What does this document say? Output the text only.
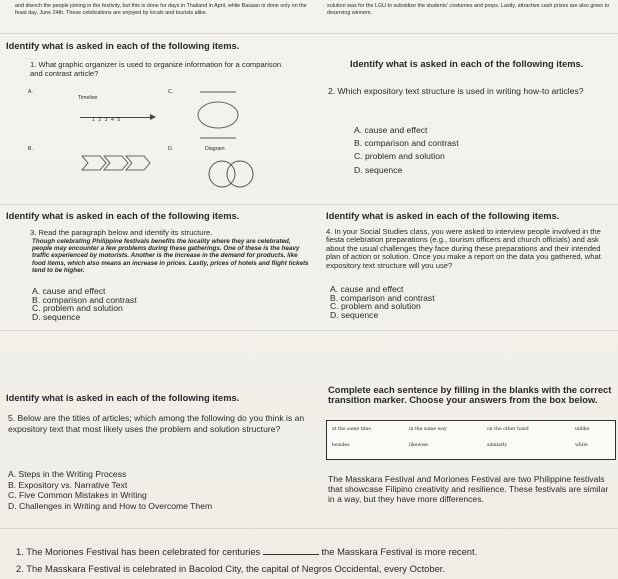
and drench the people joining in the festivity, but this is done for days in Thailand in April, while Basaan is done only on the feast day, June 24th. These celebrations are enjoyed by locals and tourists alike.
solution was for the LGU to subsidize the students' costumes and props. Lastly, attractive cash prizes are also given to deserving winners.
Identify what is asked in each of the following items.
1. What graphic organizer is used to organize information for a comparison and contrast article?
A.
Timeline
1 2 3 4 5
C.
B.	D.	Diagram
Identify what is asked in each of the following items.
2. Which expository text structure is used in writing how-to articles?
A. cause and effect
B. comparison and contrast
C. problem and solution
D. sequence
Identify what is asked in each of the following items.
3. Read the paragraph below and identify its structure.
Though celebrating Philippine festivals benefits the locality where they are celebrated, people may encounter a few problems during these gatherings. One of these is the heavy traffic experienced by motorists. Another is the increase in the demand for products, like food items, which also means an increase in prices. Lastly, prices of hotels and flight tickets tend to be higher.
A. cause and effect
B. comparison and contrast
C. problem and solution
D. sequence
Identify what is asked in each of the following items.
4. In your Social Studies class, you were asked to interview people involved in the fiesta celebration preparations (e.g., tourism officers and church officials) and ask about the usual challenges they face during these preparations and their intended plan of action or solution. Once you make a report on the data you gathered, what expository text structure will you use?
A. cause and effect
B. comparison and contrast
C. problem and solution
D. sequence
Identify what is asked in each of the following items.
5. Below are the titles of articles; which among the following do you think is an expository text that most likely uses the problem and solution structure?
A. Steps in the Writing Process
B. Expository vs. Narrative Text
C. Five Common Mistakes in Writing
D. Challenges in Writing and How to Overcome Them
Complete each sentence by filling in the blanks with the correct transition marker. Choose your answers from the box below.
at the same time	in the same way	on the other hand	unlike
besides	likewise	similarly	while
The Masskara Festival and Moriones Festival are two Philippine festivals that showcase Filipino creativity and resilience. These festivals are similar in a way, but they have more differences.
1. The Moriones Festival has been celebrated for centuries	the Masskara Festival is more recent.
2. The Masskara Festival is celebrated in Bacolod City, the capital of Negros Occidental, every October.
